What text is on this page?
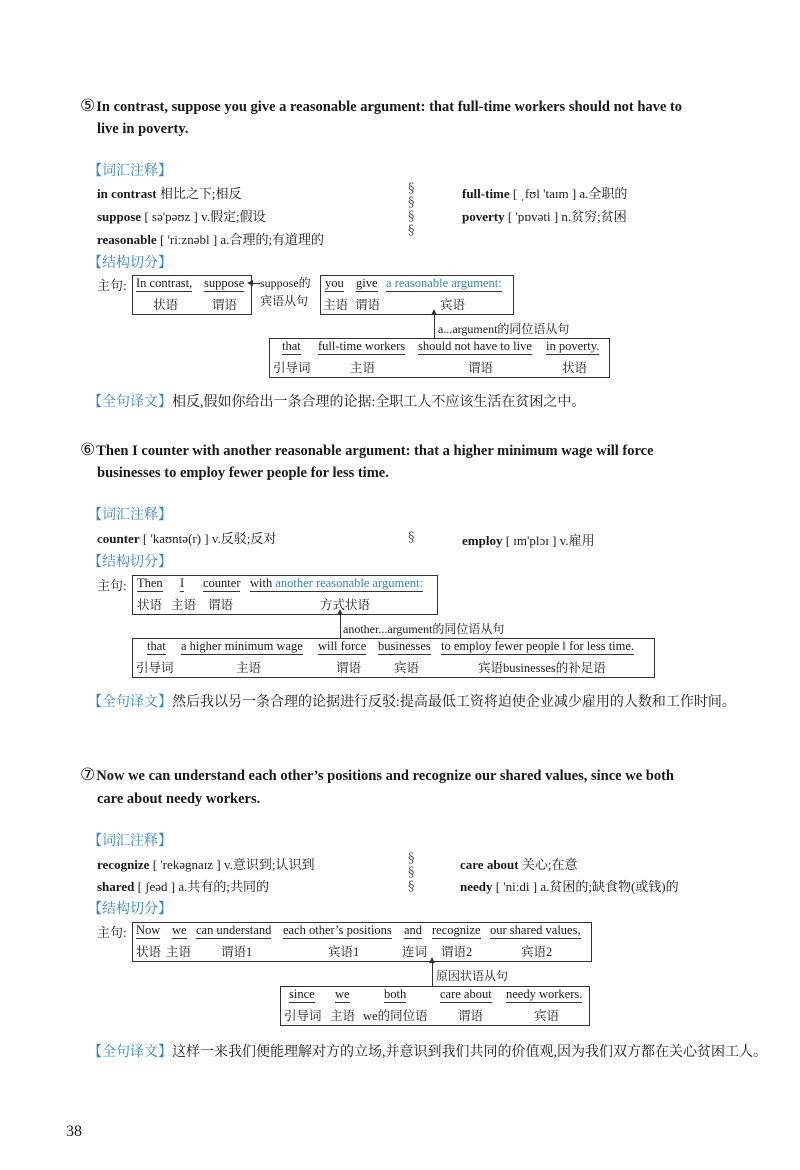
⑤In contrast, suppose you give a reasonable argument: that full-time workers should not have to
live in poverty.
【词汇注释】
in contrast 相比之下;相反
suppose [ sə'pəʊz ] v.假定;假设
reasonable [ 'riːznəbl ] a.合理的;有道理的
§
§
§
§
full-time [ ˌfʊl 'taɪm ] a.全职的
poverty [ 'pɒvəti ] n.贫穷;贫困
【结构切分】
主句: In contrast,
状语
suppose
谓语
suppose的
宾语从句
you
主语
give
谓语
a reasonable argument:
宾语
a...argument的同位语从句
that
引导词
full-time workers
主语
should not have to live
谓语
in poverty.
状语
【全句译文】相反,假如你给出一条合理的论据:全职工人不应该生活在贫困之中。
⑥Then I counter with another reasonable argument: that a higher minimum wage will force
businesses to employ fewer people for less time.
【词汇注释】
counter [ 'kaʊntə(r) ] v.反驳;反对	§	employ [ ɪm'plɔɪ ] v.雇用
【结构切分】
主句: Then
状语
I
主语
counter
谓语
with another reasonable argument:
方式状语
another...argument的同位语从句
that
引导词
a higher minimum wage
主语
will force
谓语
businesses
宾语
to employ fewer people ‖ for less time.
宾语businesses的补足语
【全句译文】然后我以另一条合理的论据进行反驳:提高最低工资将迫使企业减少雇用的人数和工作时间。
⑦Now we can understand each other’s positions and recognize our shared values, since we both
care about needy workers.
【词汇注释】
recognize [ 'rekəgnaɪz ] v.意识到;认识到
shared [ ʃeəd ] a.共有的;共同的
§
§
§
care about 关心;在意
needy [ 'niːdi ] a.贫困的;缺食物(或钱)的
【结构切分】
主句: Now
状语
we
主语
can understand
谓语1
each other’s positions
宾语1
and
连词
recognize
谓语2
our shared values,
宾语2
原因状语从句
since
引导词
we
主语
both
we的同位语
care about
谓语
needy workers.
宾语
【全句译文】这样一来我们便能理解对方的立场,并意识到我们共同的价值观,因为我们双方都在关心贫困工人。
38
